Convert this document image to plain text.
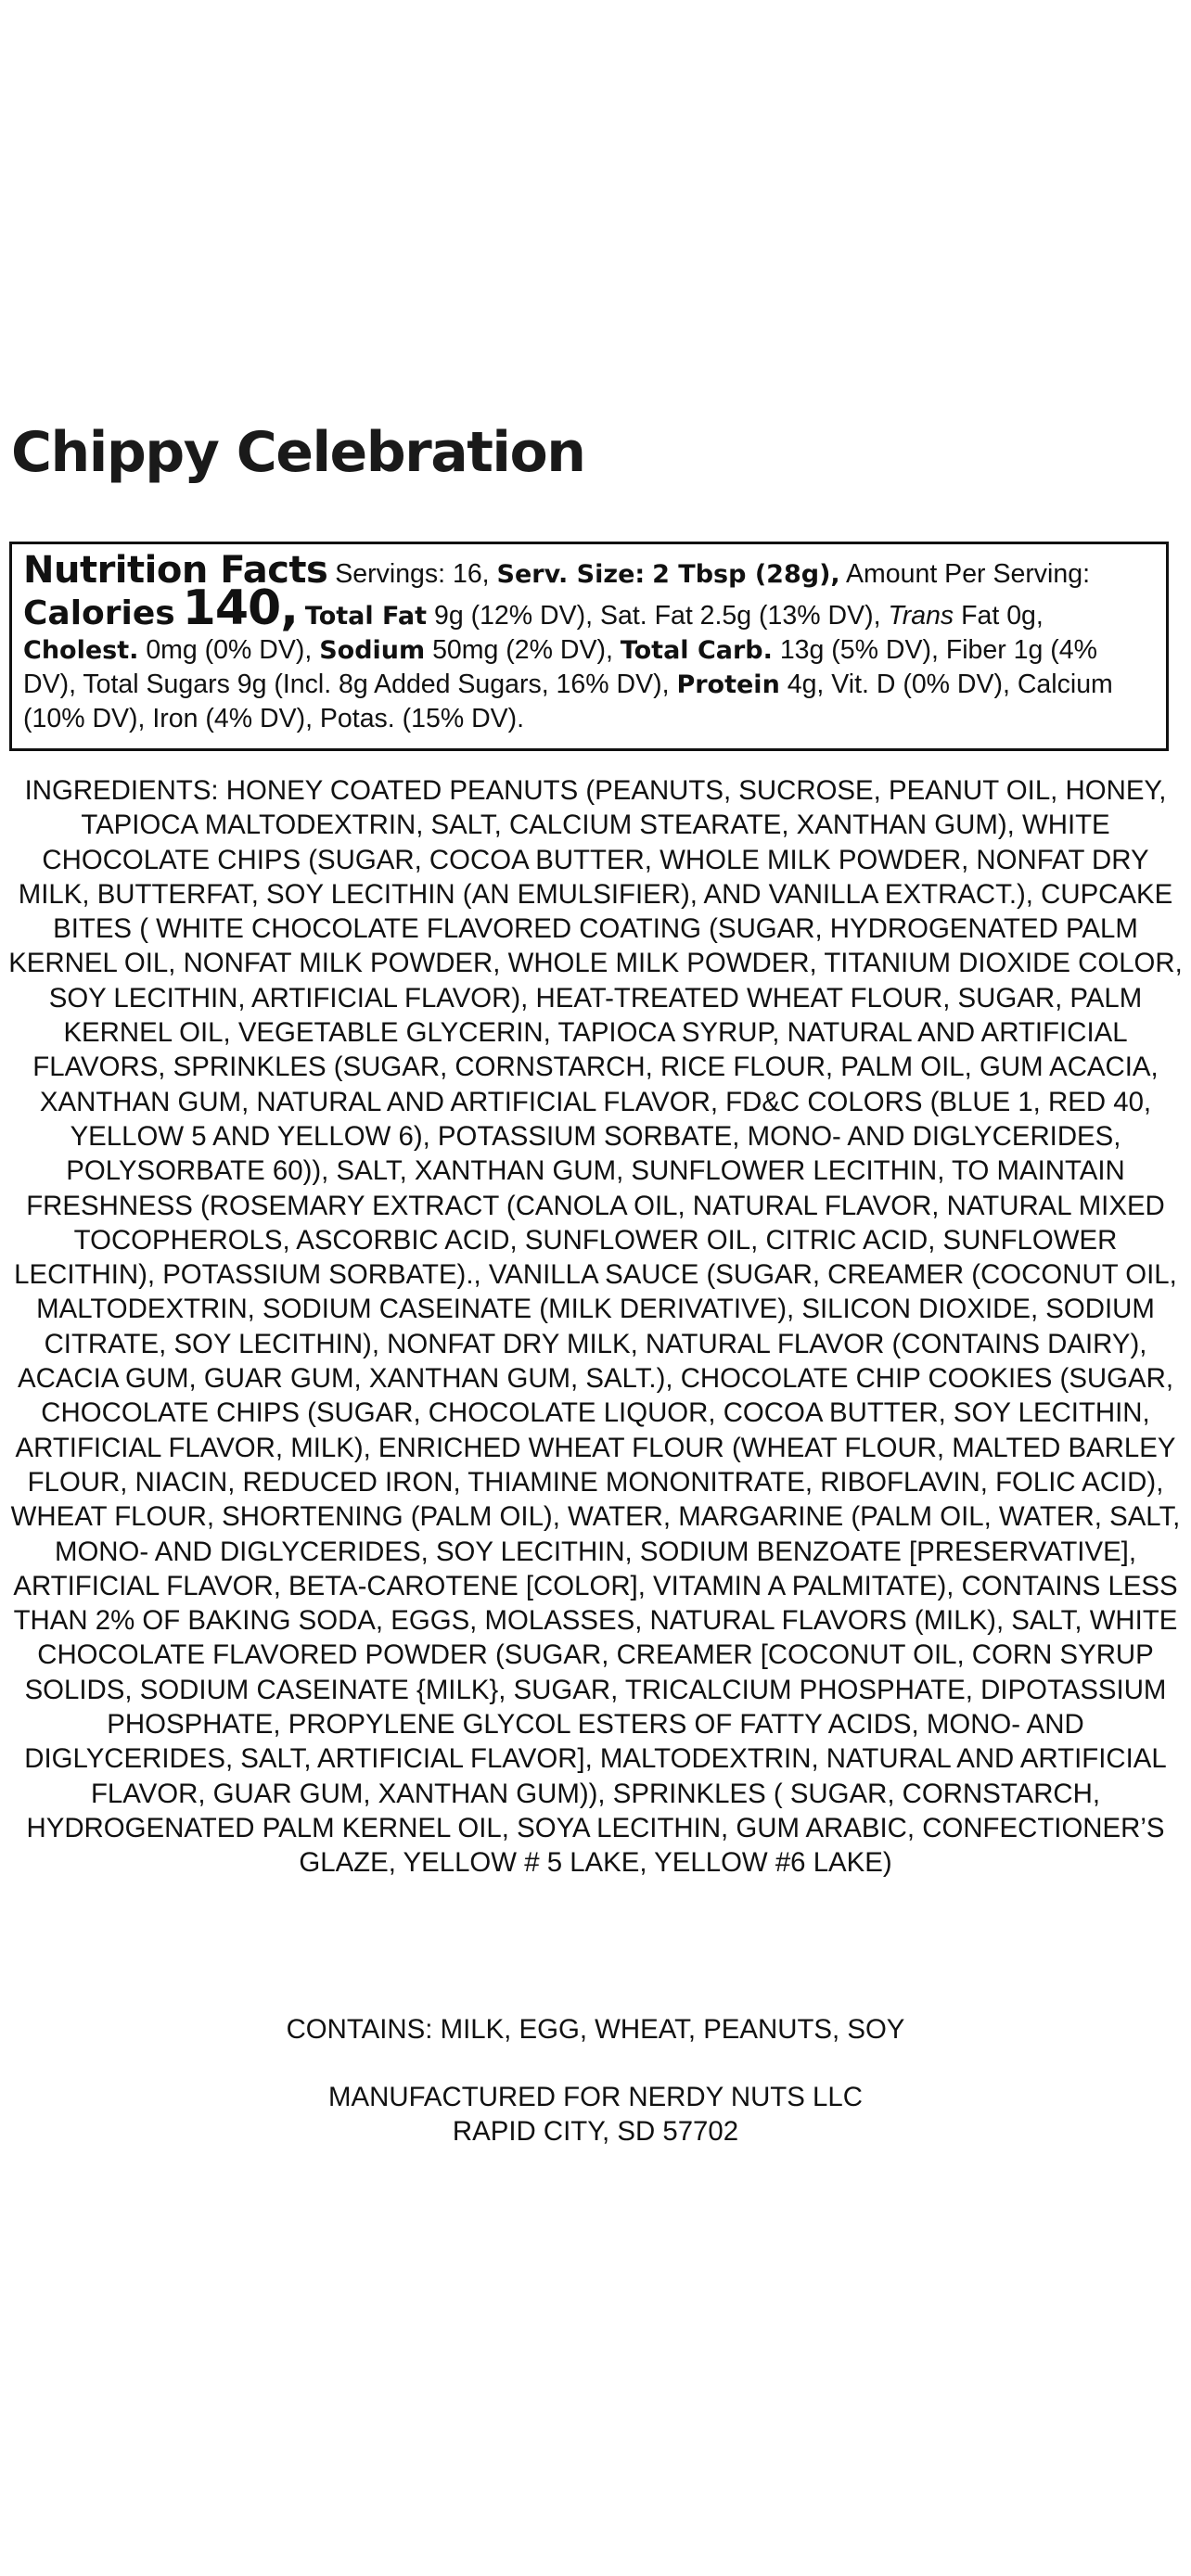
Chippy Celebration
Nutrition Facts Servings: 16, Serv. Size: 2 Tbsp (28g), Amount Per Serving: Calories 140, Total Fat 9g (12% DV), Sat. Fat 2.5g (13% DV), Trans Fat 0g, Cholest. 0mg (0% DV), Sodium 50mg (2% DV), Total Carb. 13g (5% DV), Fiber 1g (4% DV), Total Sugars 9g (Incl. 8g Added Sugars, 16% DV), Protein 4g, Vit. D (0% DV), Calcium (10% DV), Iron (4% DV), Potas. (15% DV).

INGREDIENTS: HONEY COATED PEANUTS (PEANUTS, SUCROSE, PEANUT OIL, HONEY, TAPIOCA MALTODEXTRIN, SALT, CALCIUM STEARATE, XANTHAN GUM), WHITE CHOCOLATE CHIPS (SUGAR, COCOA BUTTER, WHOLE MILK POWDER, NONFAT DRY MILK, BUTTERFAT, SOY LECITHIN (AN EMULSIFIER), AND VANILLA EXTRACT.), CUPCAKE BITES ( WHITE CHOCOLATE FLAVORED COATING (SUGAR, HYDROGENATED PALM KERNEL OIL, NONFAT MILK POWDER, WHOLE MILK POWDER, TITANIUM DIOXIDE COLOR, SOY LECITHIN, ARTIFICIAL FLAVOR), HEAT-TREATED WHEAT FLOUR, SUGAR, PALM KERNEL OIL, VEGETABLE GLYCERIN, TAPIOCA SYRUP, NATURAL AND ARTIFICIAL FLAVORS, SPRINKLES (SUGAR, CORNSTARCH, RICE FLOUR, PALM OIL, GUM ACACIA, XANTHAN GUM, NATURAL AND ARTIFICIAL FLAVOR, FD&C COLORS (BLUE 1, RED 40, YELLOW 5 AND YELLOW 6), POTASSIUM SORBATE, MONO- AND DIGLYCERIDES, POLYSORBATE 60)), SALT, XANTHAN GUM, SUNFLOWER LECITHIN, TO MAINTAIN FRESHNESS (ROSEMARY EXTRACT (CANOLA OIL, NATURAL FLAVOR, NATURAL MIXED TOCOPHEROLS, ASCORBIC ACID, SUNFLOWER OIL, CITRIC ACID, SUNFLOWER LECITHIN), POTASSIUM SORBATE)., VANILLA SAUCE (SUGAR, CREAMER (COCONUT OIL, MALTODEXTRIN, SODIUM CASEINATE (MILK DERIVATIVE), SILICON DIOXIDE, SODIUM CITRATE, SOY LECITHIN), NONFAT DRY MILK, NATURAL FLAVOR (CONTAINS DAIRY), ACACIA GUM, GUAR GUM, XANTHAN GUM, SALT.), CHOCOLATE CHIP COOKIES (SUGAR, CHOCOLATE CHIPS (SUGAR, CHOCOLATE LIQUOR, COCOA BUTTER, SOY LECITHIN, ARTIFICIAL FLAVOR, MILK), ENRICHED WHEAT FLOUR (WHEAT FLOUR, MALTED BARLEY FLOUR, NIACIN, REDUCED IRON, THIAMINE MONONITRATE, RIBOFLAVIN, FOLIC ACID), WHEAT FLOUR, SHORTENING (PALM OIL), WATER, MARGARINE (PALM OIL, WATER, SALT, MONO- AND DIGLYCERIDES, SOY LECITHIN, SODIUM BENZOATE [PRESERVATIVE], ARTIFICIAL FLAVOR, BETA-CAROTENE [COLOR], VITAMIN A PALMITATE), CONTAINS LESS THAN 2% OF BAKING SODA, EGGS, MOLASSES, NATURAL FLAVORS (MILK), SALT, WHITE CHOCOLATE FLAVORED POWDER (SUGAR, CREAMER [COCONUT OIL, CORN SYRUP SOLIDS, SODIUM CASEINATE {MILK}, SUGAR, TRICALCIUM PHOSPHATE, DIPOTASSIUM PHOSPHATE, PROPYLENE GLYCOL ESTERS OF FATTY ACIDS, MONO- AND DIGLYCERIDES, SALT, ARTIFICIAL FLAVOR], MALTODEXTRIN, NATURAL AND ARTIFICIAL FLAVOR, GUAR GUM, XANTHAN GUM)), SPRINKLES ( SUGAR, CORNSTARCH, HYDROGENATED PALM KERNEL OIL, SOYA LECITHIN, GUM ARABIC, CONFECTIONER’S GLAZE, YELLOW # 5 LAKE, YELLOW #6 LAKE)

CONTAINS: MILK, EGG, WHEAT, PEANUTS, SOY

MANUFACTURED FOR NERDY NUTS LLC
RAPID CITY, SD 57702
